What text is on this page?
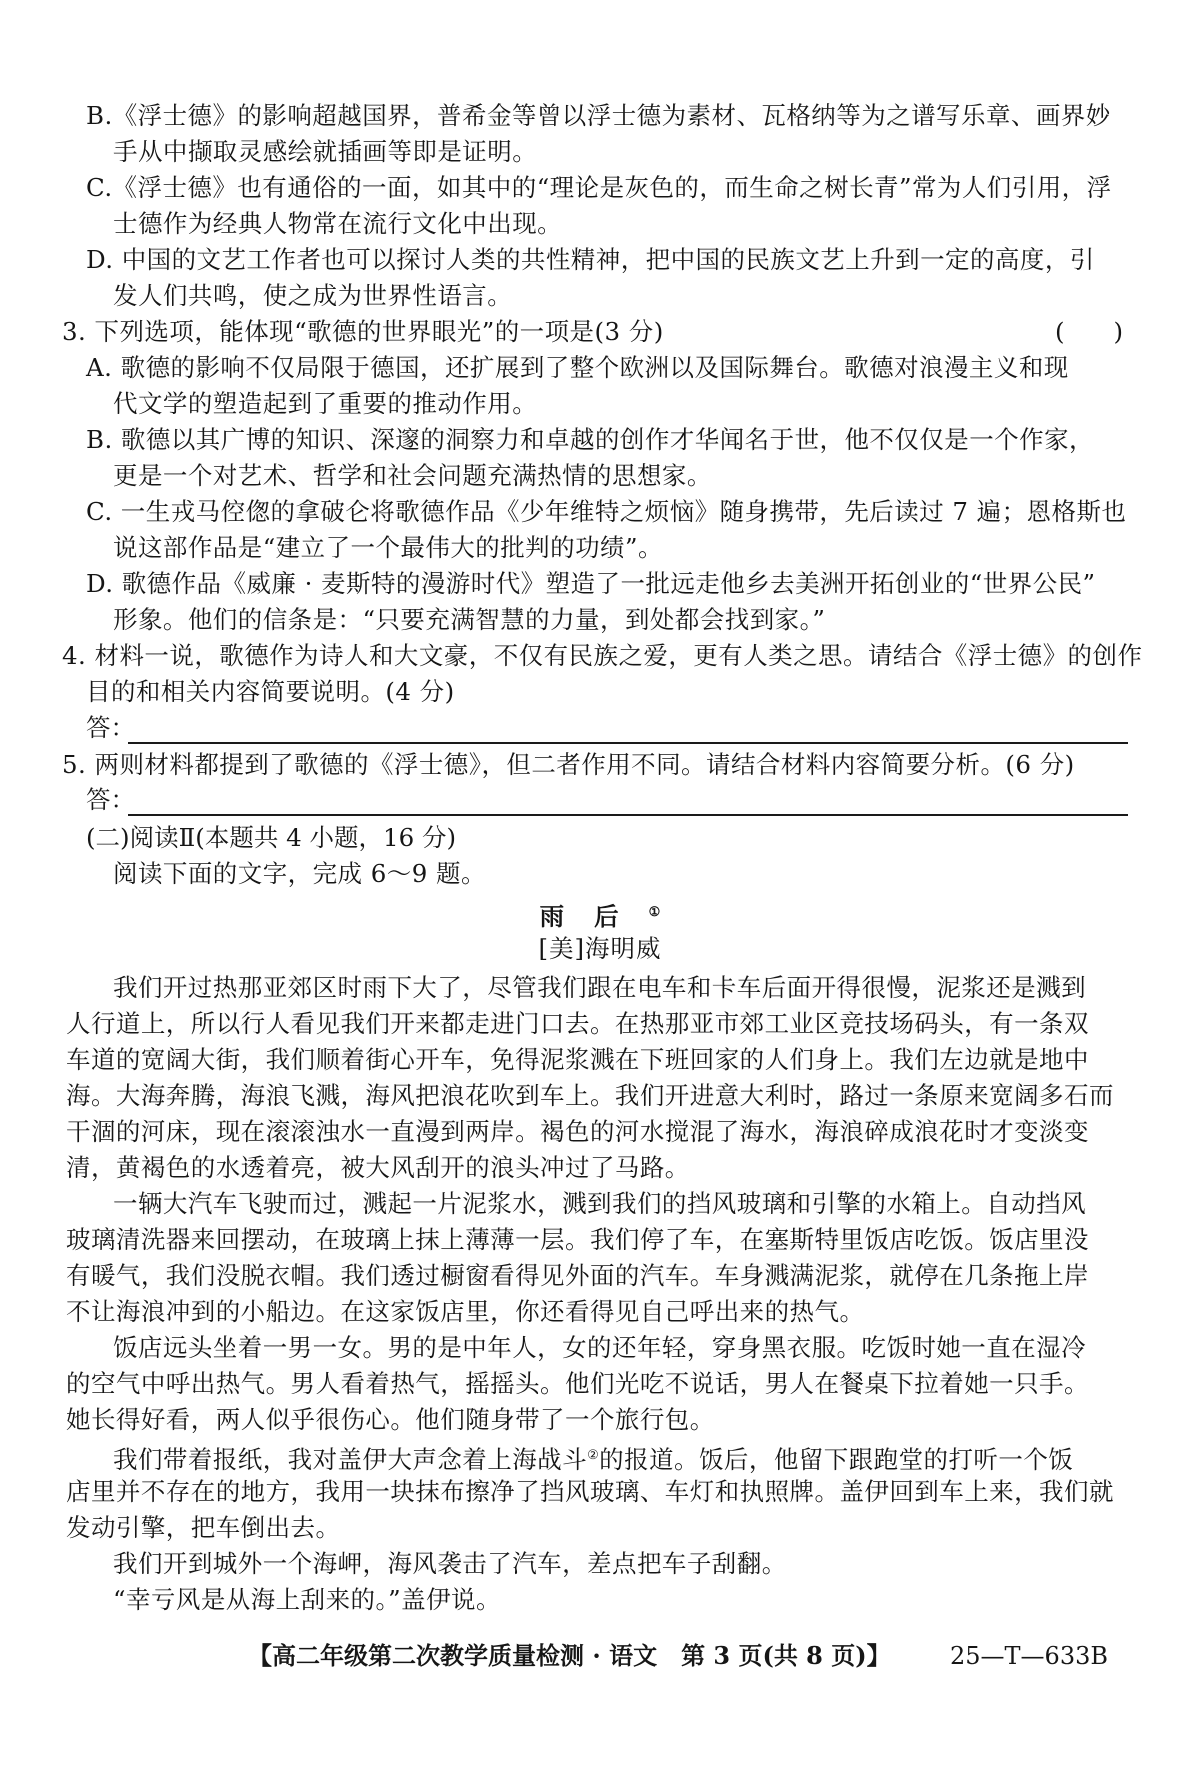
B.《浮士德》的影响超越国界，普希金等曾以浮士德为素材、瓦格纳等为之谱写乐章、画界妙
手从中撷取灵感绘就插画等即是证明。
C.《浮士德》也有通俗的一面，如其中的“理论是灰色的，而生命之树长青”常为人们引用，浮
士德作为经典人物常在流行文化中出现。
D. 中国的文艺工作者也可以探讨人类的共性精神，把中国的民族文艺上升到一定的高度，引
发人们共鸣，使之成为世界性语言。
3. 下列选项，能体现“歌德的世界眼光”的一项是(3 分)	(　　)
A. 歌德的影响不仅局限于德国，还扩展到了整个欧洲以及国际舞台。歌德对浪漫主义和现
代文学的塑造起到了重要的推动作用。
B. 歌德以其广博的知识、深邃的洞察力和卓越的创作才华闻名于世，他不仅仅是一个作家，
更是一个对艺术、哲学和社会问题充满热情的思想家。
C. 一生戎马倥偬的拿破仑将歌德作品《少年维特之烦恼》随身携带，先后读过 7 遍；恩格斯也
说这部作品是“建立了一个最伟大的批判的功绩”。
D. 歌德作品《威廉 · 麦斯特的漫游时代》塑造了一批远走他乡去美洲开拓创业的“世界公民”
形象。他们的信条是：“只要充满智慧的力量，到处都会找到家。”
4. 材料一说，歌德作为诗人和大文豪，不仅有民族之爱，更有人类之思。请结合《浮士德》的创作
目的和相关内容简要说明。(4 分)
答：
5. 两则材料都提到了歌德的《浮士德》，但二者作用不同。请结合材料内容简要分析。(6 分)
答：
(二)阅读Ⅱ(本题共 4 小题，16 分)
阅读下面的文字，完成 6～9 题。
雨后①
[美]海明威
我们开过热那亚郊区时雨下大了，尽管我们跟在电车和卡车后面开得很慢，泥浆还是溅到
人行道上，所以行人看见我们开来都走进门口去。在热那亚市郊工业区竞技场码头，有一条双
车道的宽阔大街，我们顺着街心开车，免得泥浆溅在下班回家的人们身上。我们左边就是地中
海。大海奔腾，海浪飞溅，海风把浪花吹到车上。我们开进意大利时，路过一条原来宽阔多石而
干涸的河床，现在滚滚浊水一直漫到两岸。褐色的河水搅混了海水，海浪碎成浪花时才变淡变
清，黄褐色的水透着亮，被大风刮开的浪头冲过了马路。
一辆大汽车飞驶而过，溅起一片泥浆水，溅到我们的挡风玻璃和引擎的水箱上。自动挡风
玻璃清洗器来回摆动，在玻璃上抹上薄薄一层。我们停了车，在塞斯特里饭店吃饭。饭店里没
有暖气，我们没脱衣帽。我们透过橱窗看得见外面的汽车。车身溅满泥浆，就停在几条拖上岸
不让海浪冲到的小船边。在这家饭店里，你还看得见自己呼出来的热气。
饭店远头坐着一男一女。男的是中年人，女的还年轻，穿身黑衣服。吃饭时她一直在湿冷
的空气中呼出热气。男人看着热气，摇摇头。他们光吃不说话，男人在餐桌下拉着她一只手。
她长得好看，两人似乎很伤心。他们随身带了一个旅行包。
我们带着报纸，我对盖伊大声念着上海战斗②的报道。饭后，他留下跟跑堂的打听一个饭
店里并不存在的地方，我用一块抹布擦净了挡风玻璃、车灯和执照牌。盖伊回到车上来，我们就
发动引擎，把车倒出去。
我们开到城外一个海岬，海风袭击了汽车，差点把车子刮翻。
“幸亏风是从海上刮来的。”盖伊说。
【高二年级第二次教学质量检测 · 语文　第 3 页(共 8 页)】 25—T—633B
